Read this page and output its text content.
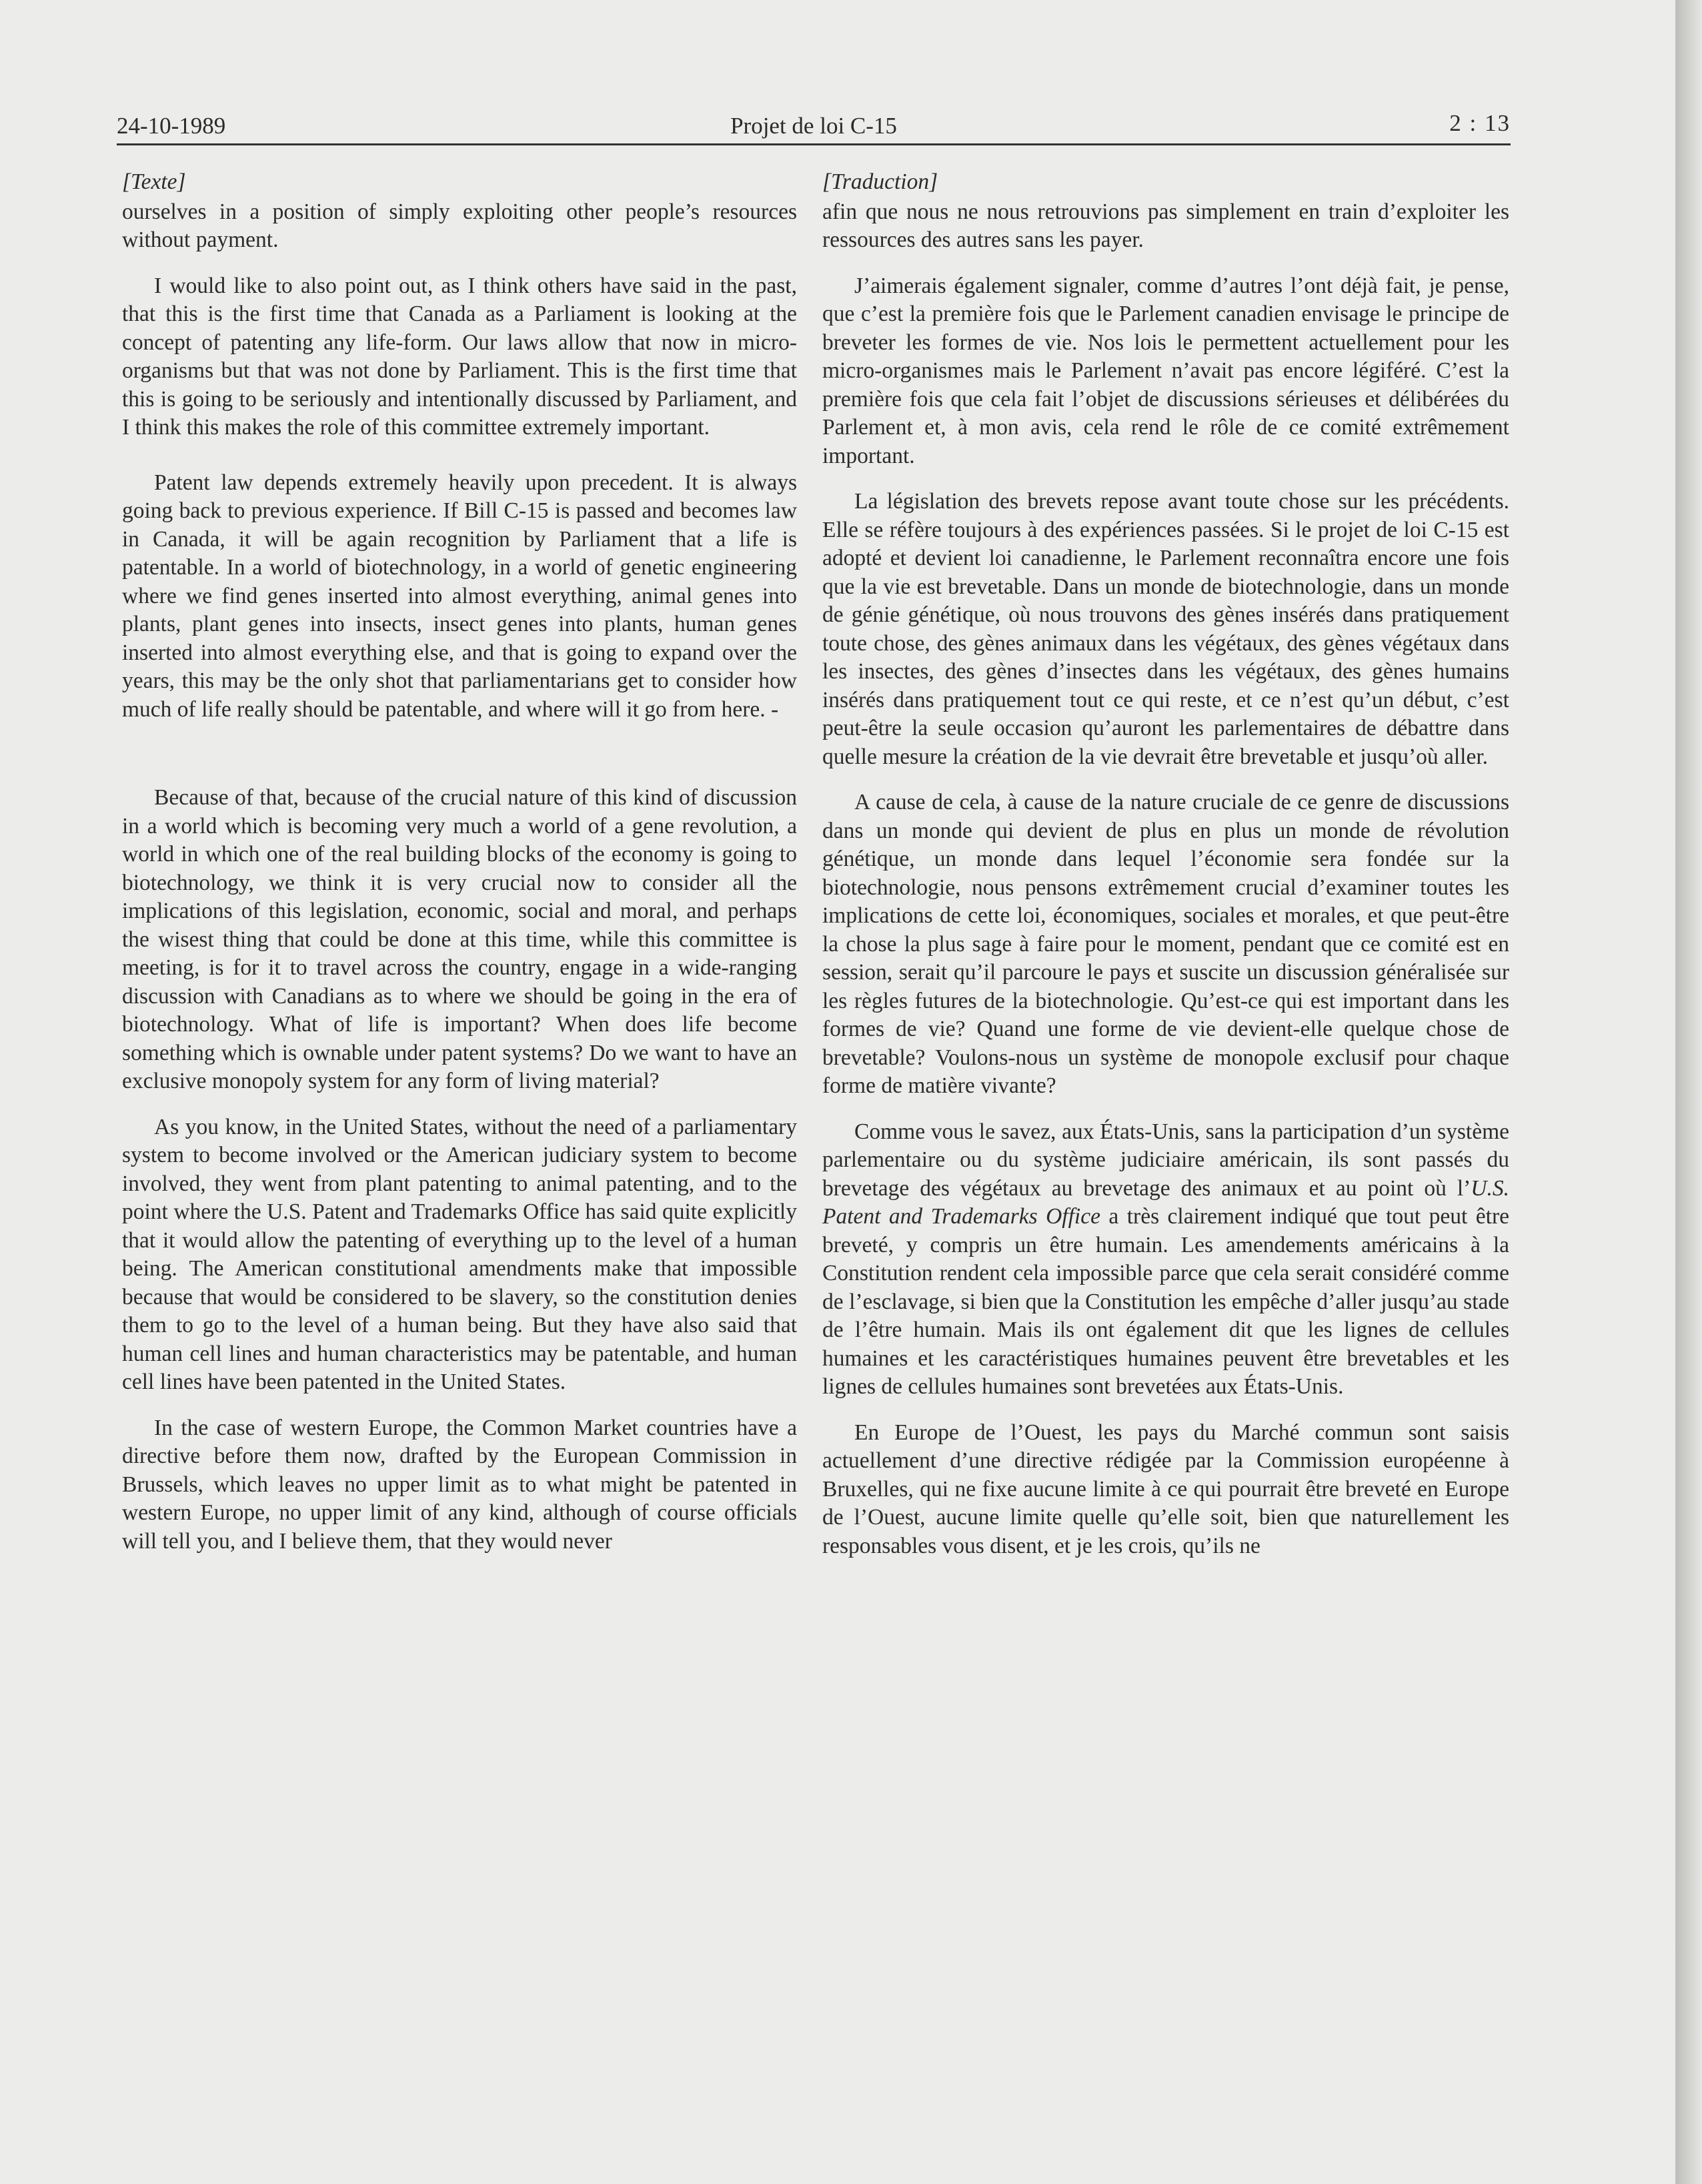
24-10-1989	Projet de loi C-15	2 : 13
[Texte]

ourselves in a position of simply exploiting other people’s resources without payment.

I would like to also point out, as I think others have said in the past, that this is the first time that Canada as a Parliament is looking at the concept of patenting any life-form. Our laws allow that now in micro-organisms but that was not done by Parliament. This is the first time that this is going to be seriously and intentionally discussed by Parliament, and I think this makes the role of this committee extremely important.

Patent law depends extremely heavily upon precedent. It is always going back to previous experience. If Bill C-15 is passed and becomes law in Canada, it will be again recognition by Parliament that a life is patentable. In a world of biotechnology, in a world of genetic engineering where we find genes inserted into almost everything, animal genes into plants, plant genes into insects, insect genes into plants, human genes inserted into almost everything else, and that is going to expand over the years, this may be the only shot that parliamentarians get to consider how much of life really should be patentable, and where will it go from here. -

Because of that, because of the crucial nature of this kind of discussion in a world which is becoming very much a world of a gene revolution, a world in which one of the real building blocks of the economy is going to biotechnology, we think it is very crucial now to consider all the implications of this legislation, economic, social and moral, and perhaps the wisest thing that could be done at this time, while this committee is meeting, is for it to travel across the country, engage in a wide-ranging discussion with Canadians as to where we should be going in the era of biotechnology. What of life is important? When does life become something which is ownable under patent systems? Do we want to have an exclusive monopoly system for any form of living material?

As you know, in the United States, without the need of a parliamentary system to become involved or the American judiciary system to become involved, they went from plant patenting to animal patenting, and to the point where the U.S. Patent and Trademarks Office has said quite explicitly that it would allow the patenting of everything up to the level of a human being. The American constitutional amendments make that impossible because that would be considered to be slavery, so the constitution denies them to go to the level of a human being. But they have also said that human cell lines and human characteristics may be patentable, and human cell lines have been patented in the United States.

In the case of western Europe, the Common Market countries have a directive before them now, drafted by the European Commission in Brussels, which leaves no upper limit as to what might be patented in western Europe, no upper limit of any kind, although of course officials will tell you, and I believe them, that they would never

[Traduction]

afin que nous ne nous retrouvions pas simplement en train d’exploiter les ressources des autres sans les payer.

J’aimerais également signaler, comme d’autres l’ont déjà fait, je pense, que c’est la première fois que le Parlement canadien envisage le principe de breveter les formes de vie. Nos lois le permettent actuellement pour les micro-organismes mais le Parlement n’avait pas encore légiféré. C’est la première fois que cela fait l’objet de discussions sérieuses et délibérées du Parlement et, à mon avis, cela rend le rôle de ce comité extrêmement important.

La législation des brevets repose avant toute chose sur les précédents. Elle se réfère toujours à des expériences passées. Si le projet de loi C-15 est adopté et devient loi canadienne, le Parlement reconnaîtra encore une fois que la vie est brevetable. Dans un monde de biotechnologie, dans un monde de génie génétique, où nous trouvons des gènes insérés dans pratiquement toute chose, des gènes animaux dans les végétaux, des gènes végétaux dans les insectes, des gènes d’insectes dans les végétaux, des gènes humains insérés dans pratiquement tout ce qui reste, et ce n’est qu’un début, c’est peut-être la seule occasion qu’auront les parlementaires de débattre dans quelle mesure la création de la vie devrait être brevetable et jusqu’où aller.

A cause de cela, à cause de la nature cruciale de ce genre de discussions dans un monde qui devient de plus en plus un monde de révolution génétique, un monde dans lequel l’économie sera fondée sur la biotechnologie, nous pensons extrêmement crucial d’examiner toutes les implications de cette loi, économiques, sociales et morales, et que peut-être la chose la plus sage à faire pour le moment, pendant que ce comité est en session, serait qu’il parcoure le pays et suscite un discussion généralisée sur les règles futures de la biotechnologie. Qu’est-ce qui est important dans les formes de vie? Quand une forme de vie devient-elle quelque chose de brevetable? Voulons-nous un système de monopole exclusif pour chaque forme de matière vivante?

Comme vous le savez, aux États-Unis, sans la participation d’un système parlementaire ou du système judiciaire américain, ils sont passés du brevetage des végétaux au brevetage des animaux et au point où l’U.S. Patent and Trademarks Office a très clairement indiqué que tout peut être breveté, y compris un être humain. Les amendements américains à la Constitution rendent cela impossible parce que cela serait considéré comme de l’esclavage, si bien que la Constitution les empêche d’aller jusqu’au stade de l’être humain. Mais ils ont également dit que les lignes de cellules humaines et les caractéristiques humaines peuvent être brevetables et les lignes de cellules humaines sont brevetées aux États-Unis.

En Europe de l’Ouest, les pays du Marché commun sont saisis actuellement d’une directive rédigée par la Commission européenne à Bruxelles, qui ne fixe aucune limite à ce qui pourrait être breveté en Europe de l’Ouest, aucune limite quelle qu’elle soit, bien que naturellement les responsables vous disent, et je les crois, qu’ils ne
